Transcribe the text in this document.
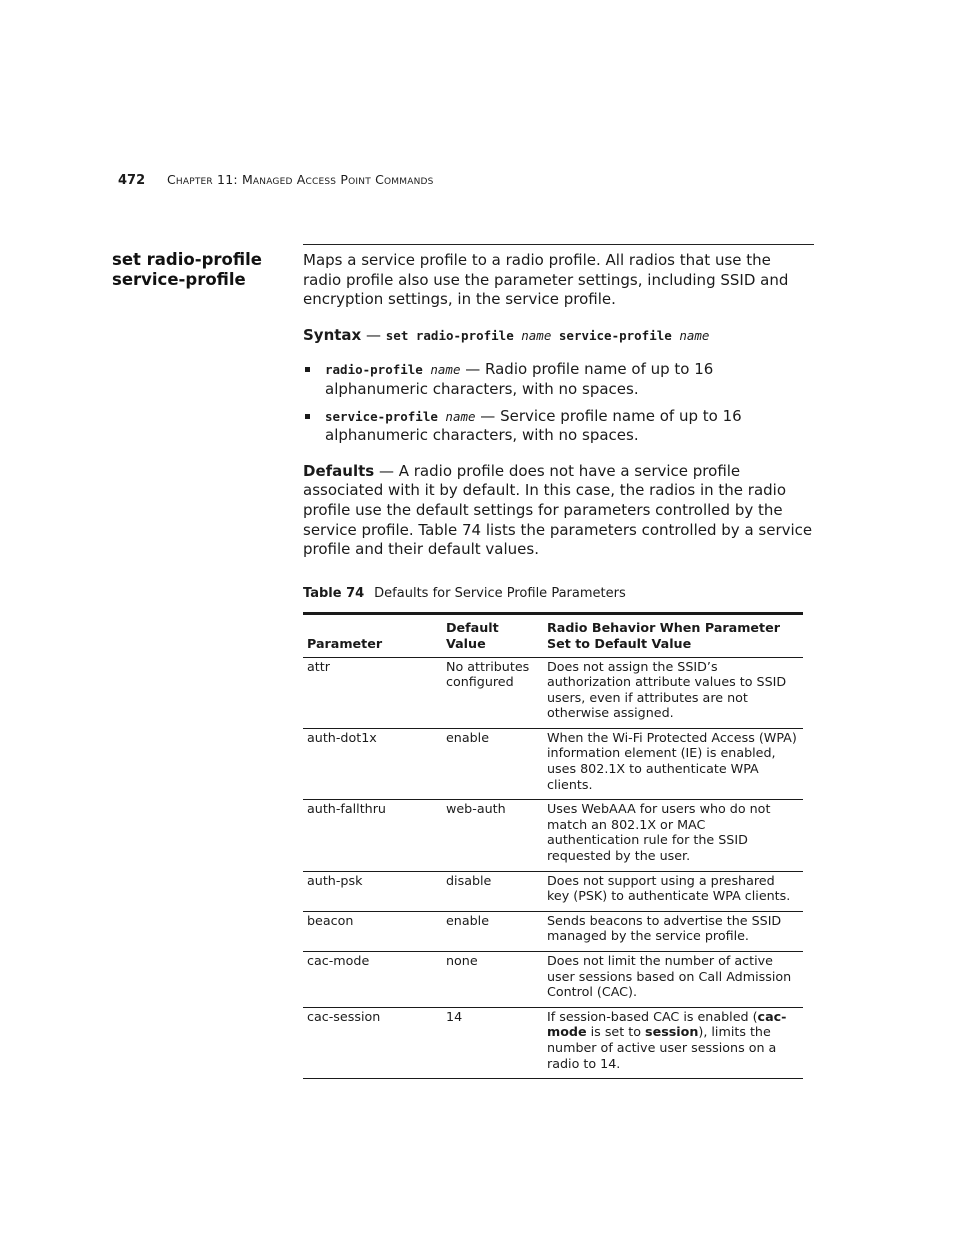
472 Chapter 11: Managed Access Point Commands
set radio-profile service-profile

Maps a service profile to a radio profile. All radios that use the radio profile also use the parameter settings, including SSID and encryption settings, in the service profile.

Syntax — set radio-profile name service-profile name

radio-profile name — Radio profile name of up to 16 alphanumeric characters, with no spaces.
service-profile name — Service profile name of up to 16 alphanumeric characters, with no spaces.

Defaults — A radio profile does not have a service profile associated with it by default. In this case, the radios in the radio profile use the default settings for parameters controlled by the service profile. Table 74 lists the parameters controlled by a service profile and their default values.

Table 74 Defaults for Service Profile Parameters

Parameter	Default Value	Radio Behavior When Parameter Set to Default Value
attr	No attributes configured	Does not assign the SSID’s authorization attribute values to SSID users, even if attributes are not otherwise assigned.
auth-dot1x	enable	When the Wi-Fi Protected Access (WPA) information element (IE) is enabled, uses 802.1X to authenticate WPA clients.
auth-fallthru	web-auth	Uses WebAAA for users who do not match an 802.1X or MAC authentication rule for the SSID requested by the user.
auth-psk	disable	Does not support using a preshared key (PSK) to authenticate WPA clients.
beacon	enable	Sends beacons to advertise the SSID managed by the service profile.
cac-mode	none	Does not limit the number of active user sessions based on Call Admission Control (CAC).
cac-session	14	If session-based CAC is enabled (cac-mode is set to session), limits the number of active user sessions on a radio to 14.
